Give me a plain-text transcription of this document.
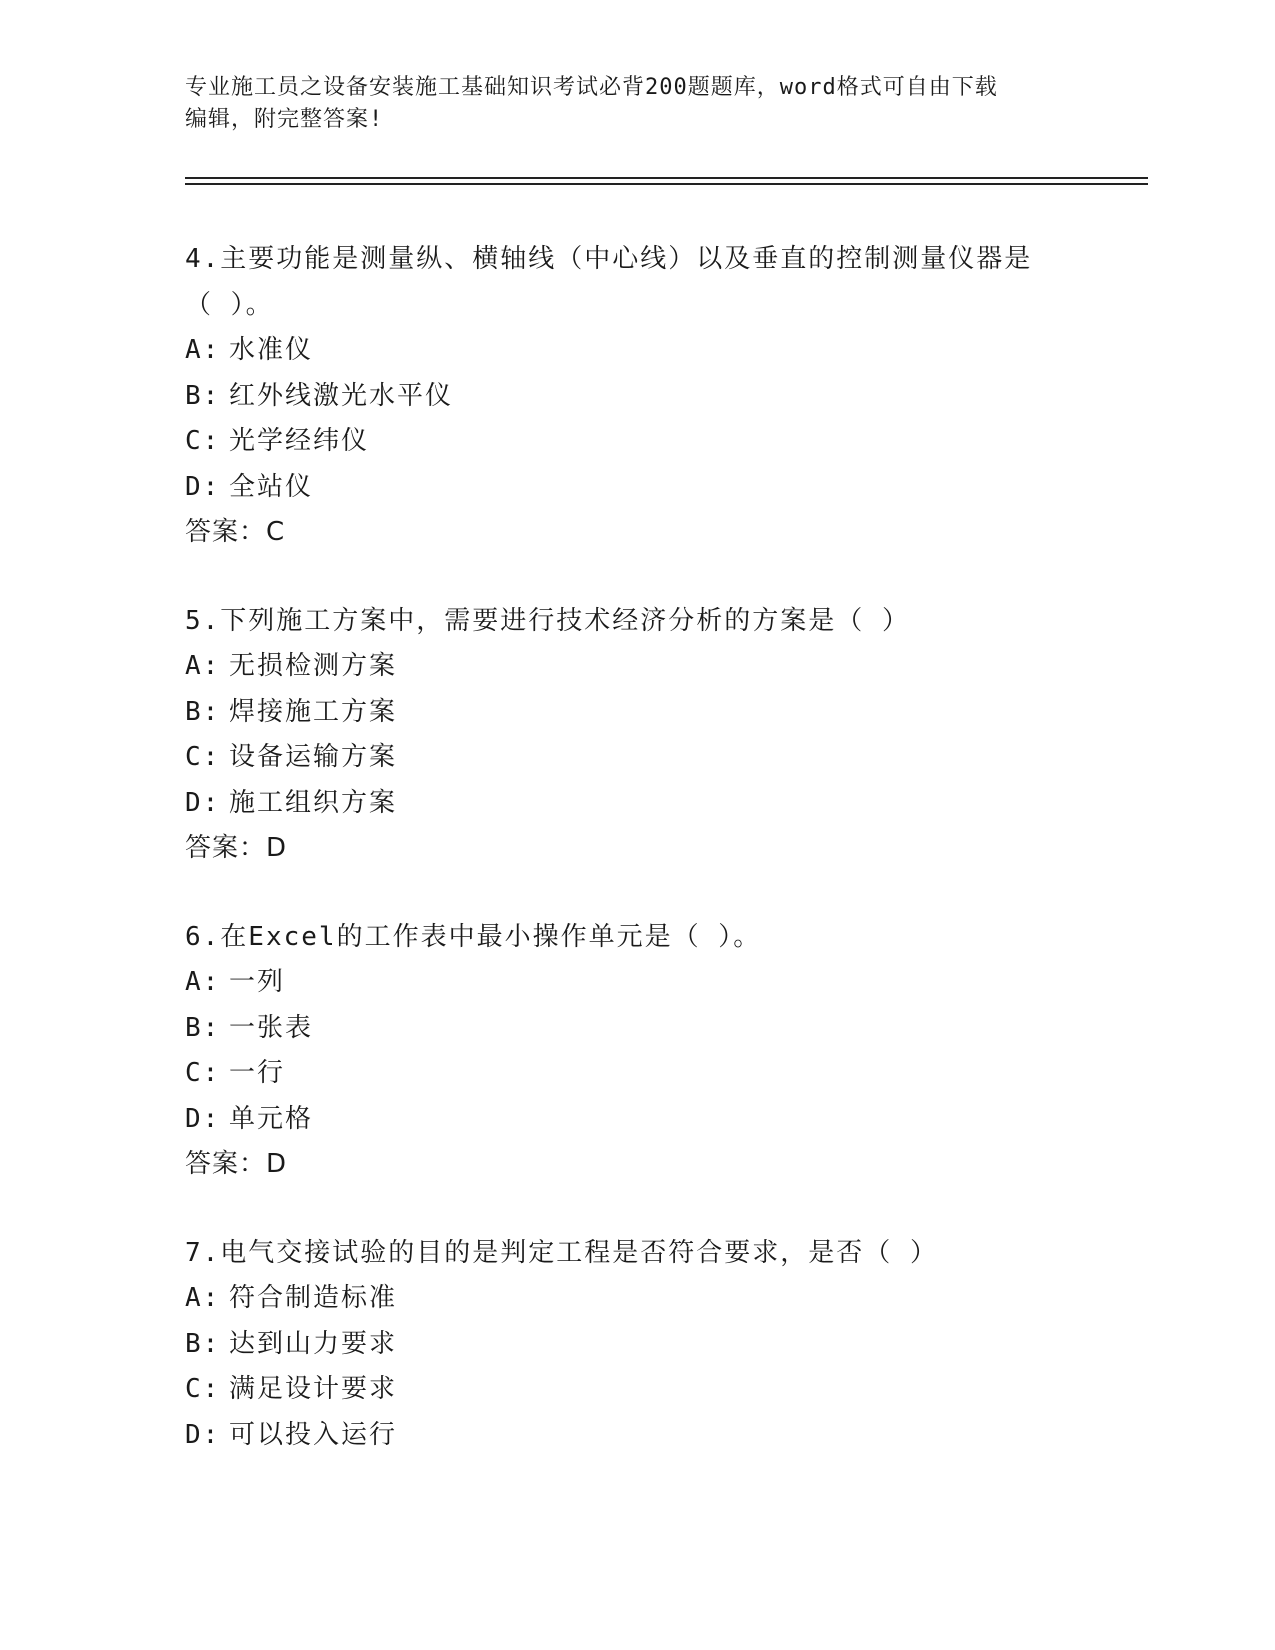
专业施工员之设备安装施工基础知识考试必背200题题库，word格式可自由下载
编辑，附完整答案!

4.主要功能是测量纵、横轴线（中心线）以及垂直的控制测量仪器是

（ ）。

A: 水准仪

B: 红外线激光水平仪

C: 光学经纬仪

D: 全站仪

答案：C

5.下列施工方案中，需要进行技术经济分析的方案是（ ）

A: 无损检测方案

B: 焊接施工方案

C: 设备运输方案

D: 施工组织方案

答案：D

6.在Excel的工作表中最小操作单元是（ ）。

A: 一列

B: 一张表

C: 一行

D: 单元格

答案：D

7.电气交接试验的目的是判定工程是否符合要求，是否（ ）

A: 符合制造标准

B: 达到山力要求

C: 满足设计要求

D: 可以投入运行
